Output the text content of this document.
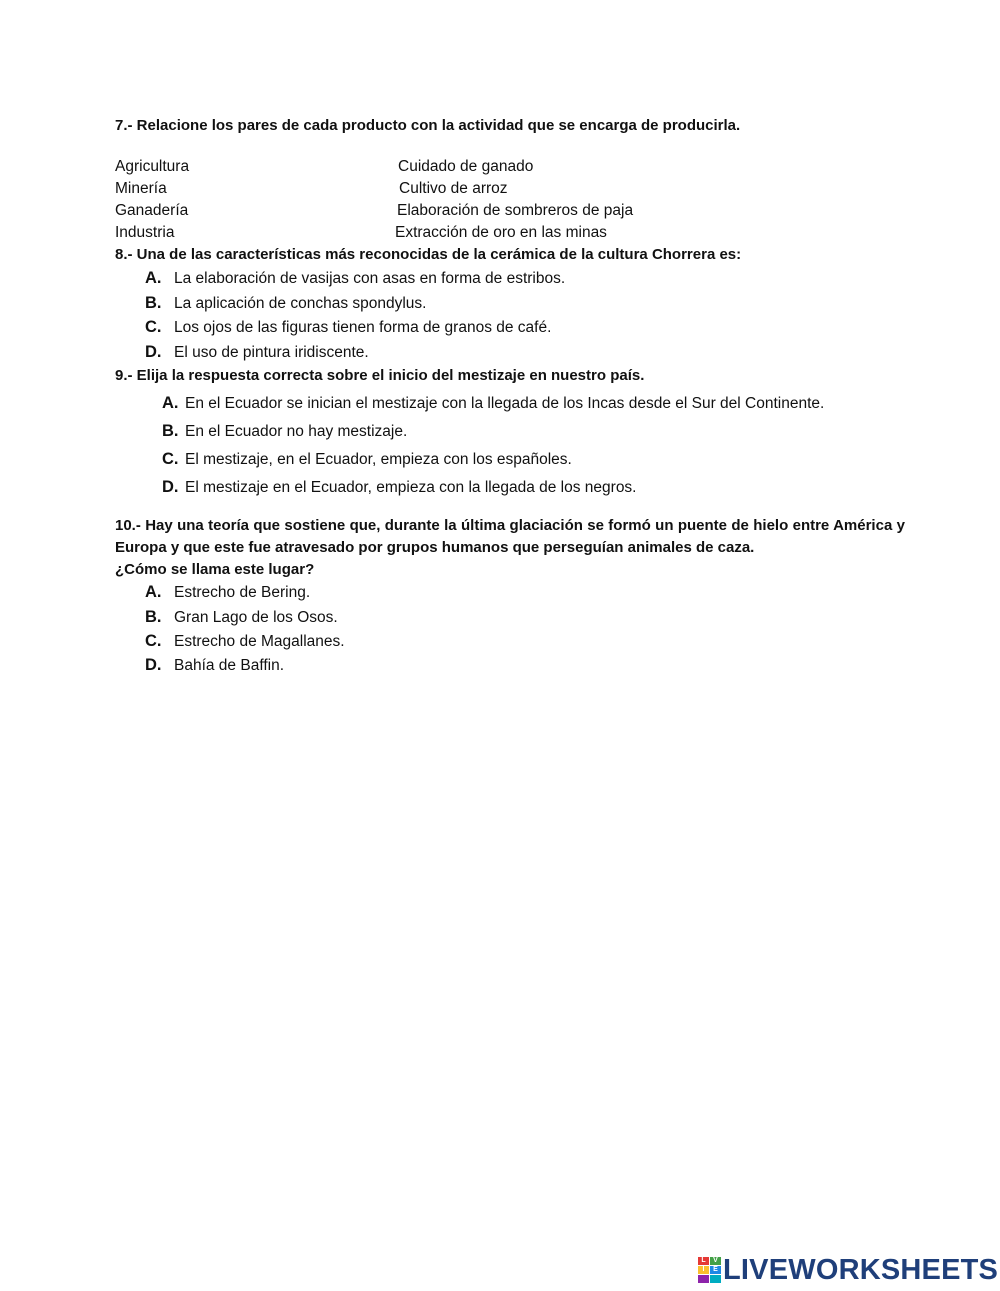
7.- Relacione los pares de cada producto con la actividad que se encarga de producirla.
Agricultura
Minería
Ganadería
Industria
Cuidado de ganado
Cultivo de arroz
Elaboración de sombreros de paja
Extracción de oro en las minas
8.- Una de las características más reconocidas de la cerámica de la cultura Chorrera es:
A. La elaboración de vasijas con asas en forma de estribos.
B. La aplicación de conchas spondylus.
C. Los ojos de las figuras tienen forma de granos de café.
D. El uso de pintura iridiscente.
9.- Elija la respuesta correcta sobre el inicio del mestizaje en nuestro país.
A. En el Ecuador se inician el mestizaje con la llegada de los Incas desde el Sur del Continente.
B. En el Ecuador no hay mestizaje.
C. El mestizaje, en el Ecuador, empieza con los españoles.
D. El mestizaje en el Ecuador, empieza con la llegada de los negros.
10.- Hay una teoría que sostiene que, durante la última glaciación se formó un puente de hielo entre América y Europa y que este fue atravesado por grupos humanos que perseguían animales de caza.
¿Cómo se llama este lugar?
A. Estrecho de Bering.
B. Gran Lago de los Osos.
C. Estrecho de Magallanes.
D. Bahía de Baffin.
L	V
I	E LIVEWORKSHEETS
